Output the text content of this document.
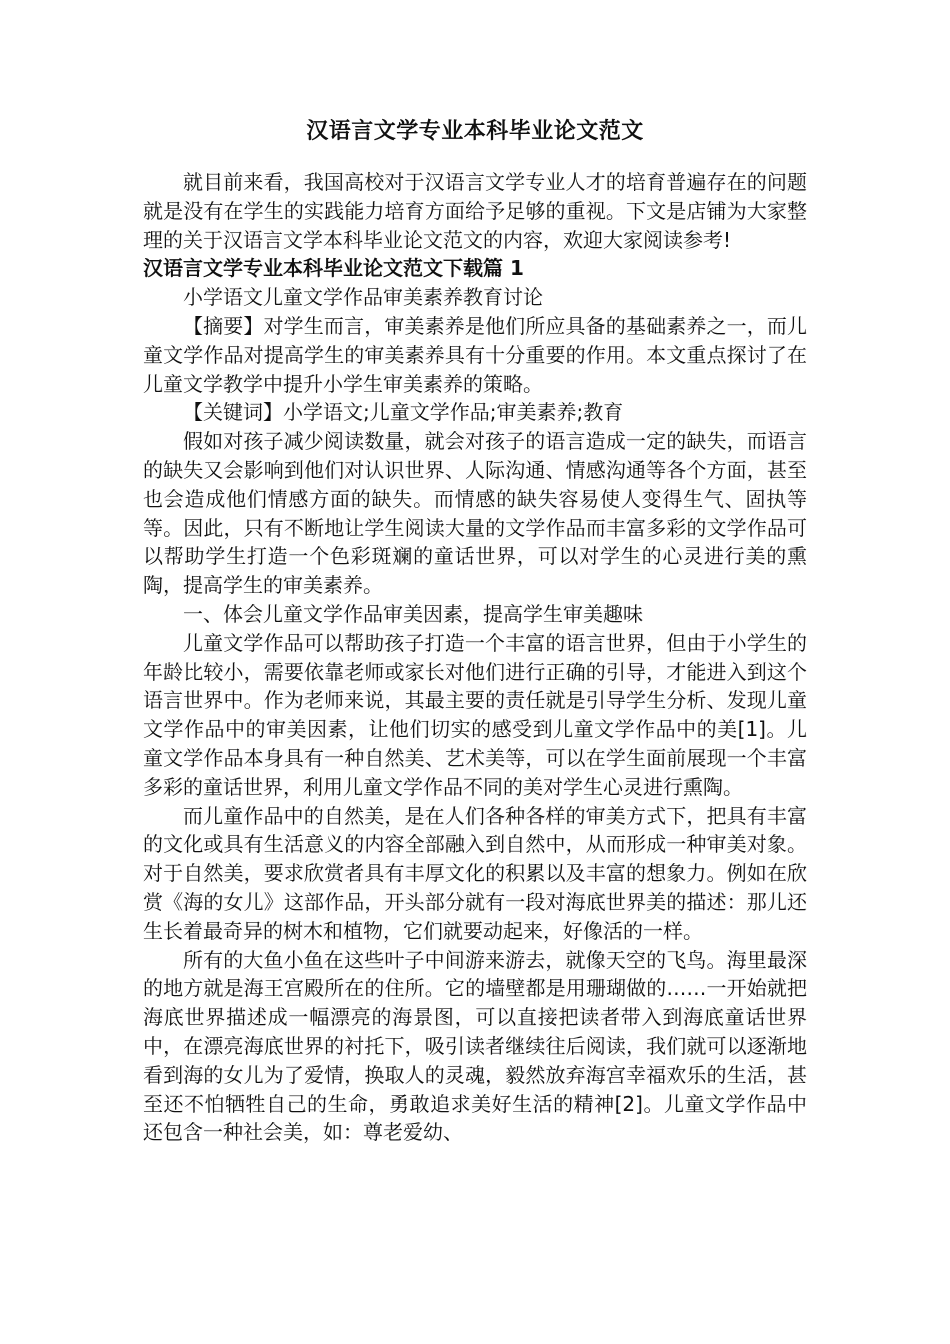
汉语言文学专业本科毕业论文范文

就目前来看，我国高校对于汉语言文学专业人才的培育普遍存在的问题就是没有在学生的实践能力培育方面给予足够的重视。下文是店铺为大家整理的关于汉语言文学本科毕业论文范文的内容，欢迎大家阅读参考!

汉语言文学专业本科毕业论文范文下载篇 1

小学语文儿童文学作品审美素养教育讨论

【摘要】对学生而言，审美素养是他们所应具备的基础素养之一，而儿童文学作品对提高学生的审美素养具有十分重要的作用。本文重点探讨了在儿童文学教学中提升小学生审美素养的策略。

【关键词】小学语文;儿童文学作品;审美素养;教育

假如对孩子减少阅读数量，就会对孩子的语言造成一定的缺失，而语言的缺失又会影响到他们对认识世界、人际沟通、情感沟通等各个方面，甚至也会造成他们情感方面的缺失。而情感的缺失容易使人变得生气、固执等等。因此，只有不断地让学生阅读大量的文学作品而丰富多彩的文学作品可以帮助学生打造一个色彩斑斓的童话世界，可以对学生的心灵进行美的熏陶，提高学生的审美素养。

一、体会儿童文学作品审美因素，提高学生审美趣味

儿童文学作品可以帮助孩子打造一个丰富的语言世界，但由于小学生的年龄比较小，需要依靠老师或家长对他们进行正确的引导，才能进入到这个语言世界中。作为老师来说，其最主要的责任就是引导学生分析、发现儿童文学作品中的审美因素，让他们切实的感受到儿童文学作品中的美[1]。儿童文学作品本身具有一种自然美、艺术美等，可以在学生面前展现一个丰富多彩的童话世界，利用儿童文学作品不同的美对学生心灵进行熏陶。

而儿童作品中的自然美，是在人们各种各样的审美方式下，把具有丰富的文化或具有生活意义的内容全部融入到自然中，从而形成一种审美对象。对于自然美，要求欣赏者具有丰厚文化的积累以及丰富的想象力。例如在欣赏《海的女儿》这部作品，开头部分就有一段对海底世界美的描述：那儿还生长着最奇异的树木和植物，它们就要动起来，好像活的一样。

所有的大鱼小鱼在这些叶子中间游来游去，就像天空的飞鸟。海里最深的地方就是海王宫殿所在的住所。它的墙壁都是用珊瑚做的……一开始就把海底世界描述成一幅漂亮的海景图，可以直接把读者带入到海底童话世界中，在漂亮海底世界的衬托下，吸引读者继续往后阅读，我们就可以逐渐地看到海的女儿为了爱情，换取人的灵魂，毅然放弃海宫幸福欢乐的生活，甚至还不怕牺牲自己的生命，勇敢追求美好生活的精神[2]。儿童文学作品中还包含一种社会美，如：尊老爱幼、
